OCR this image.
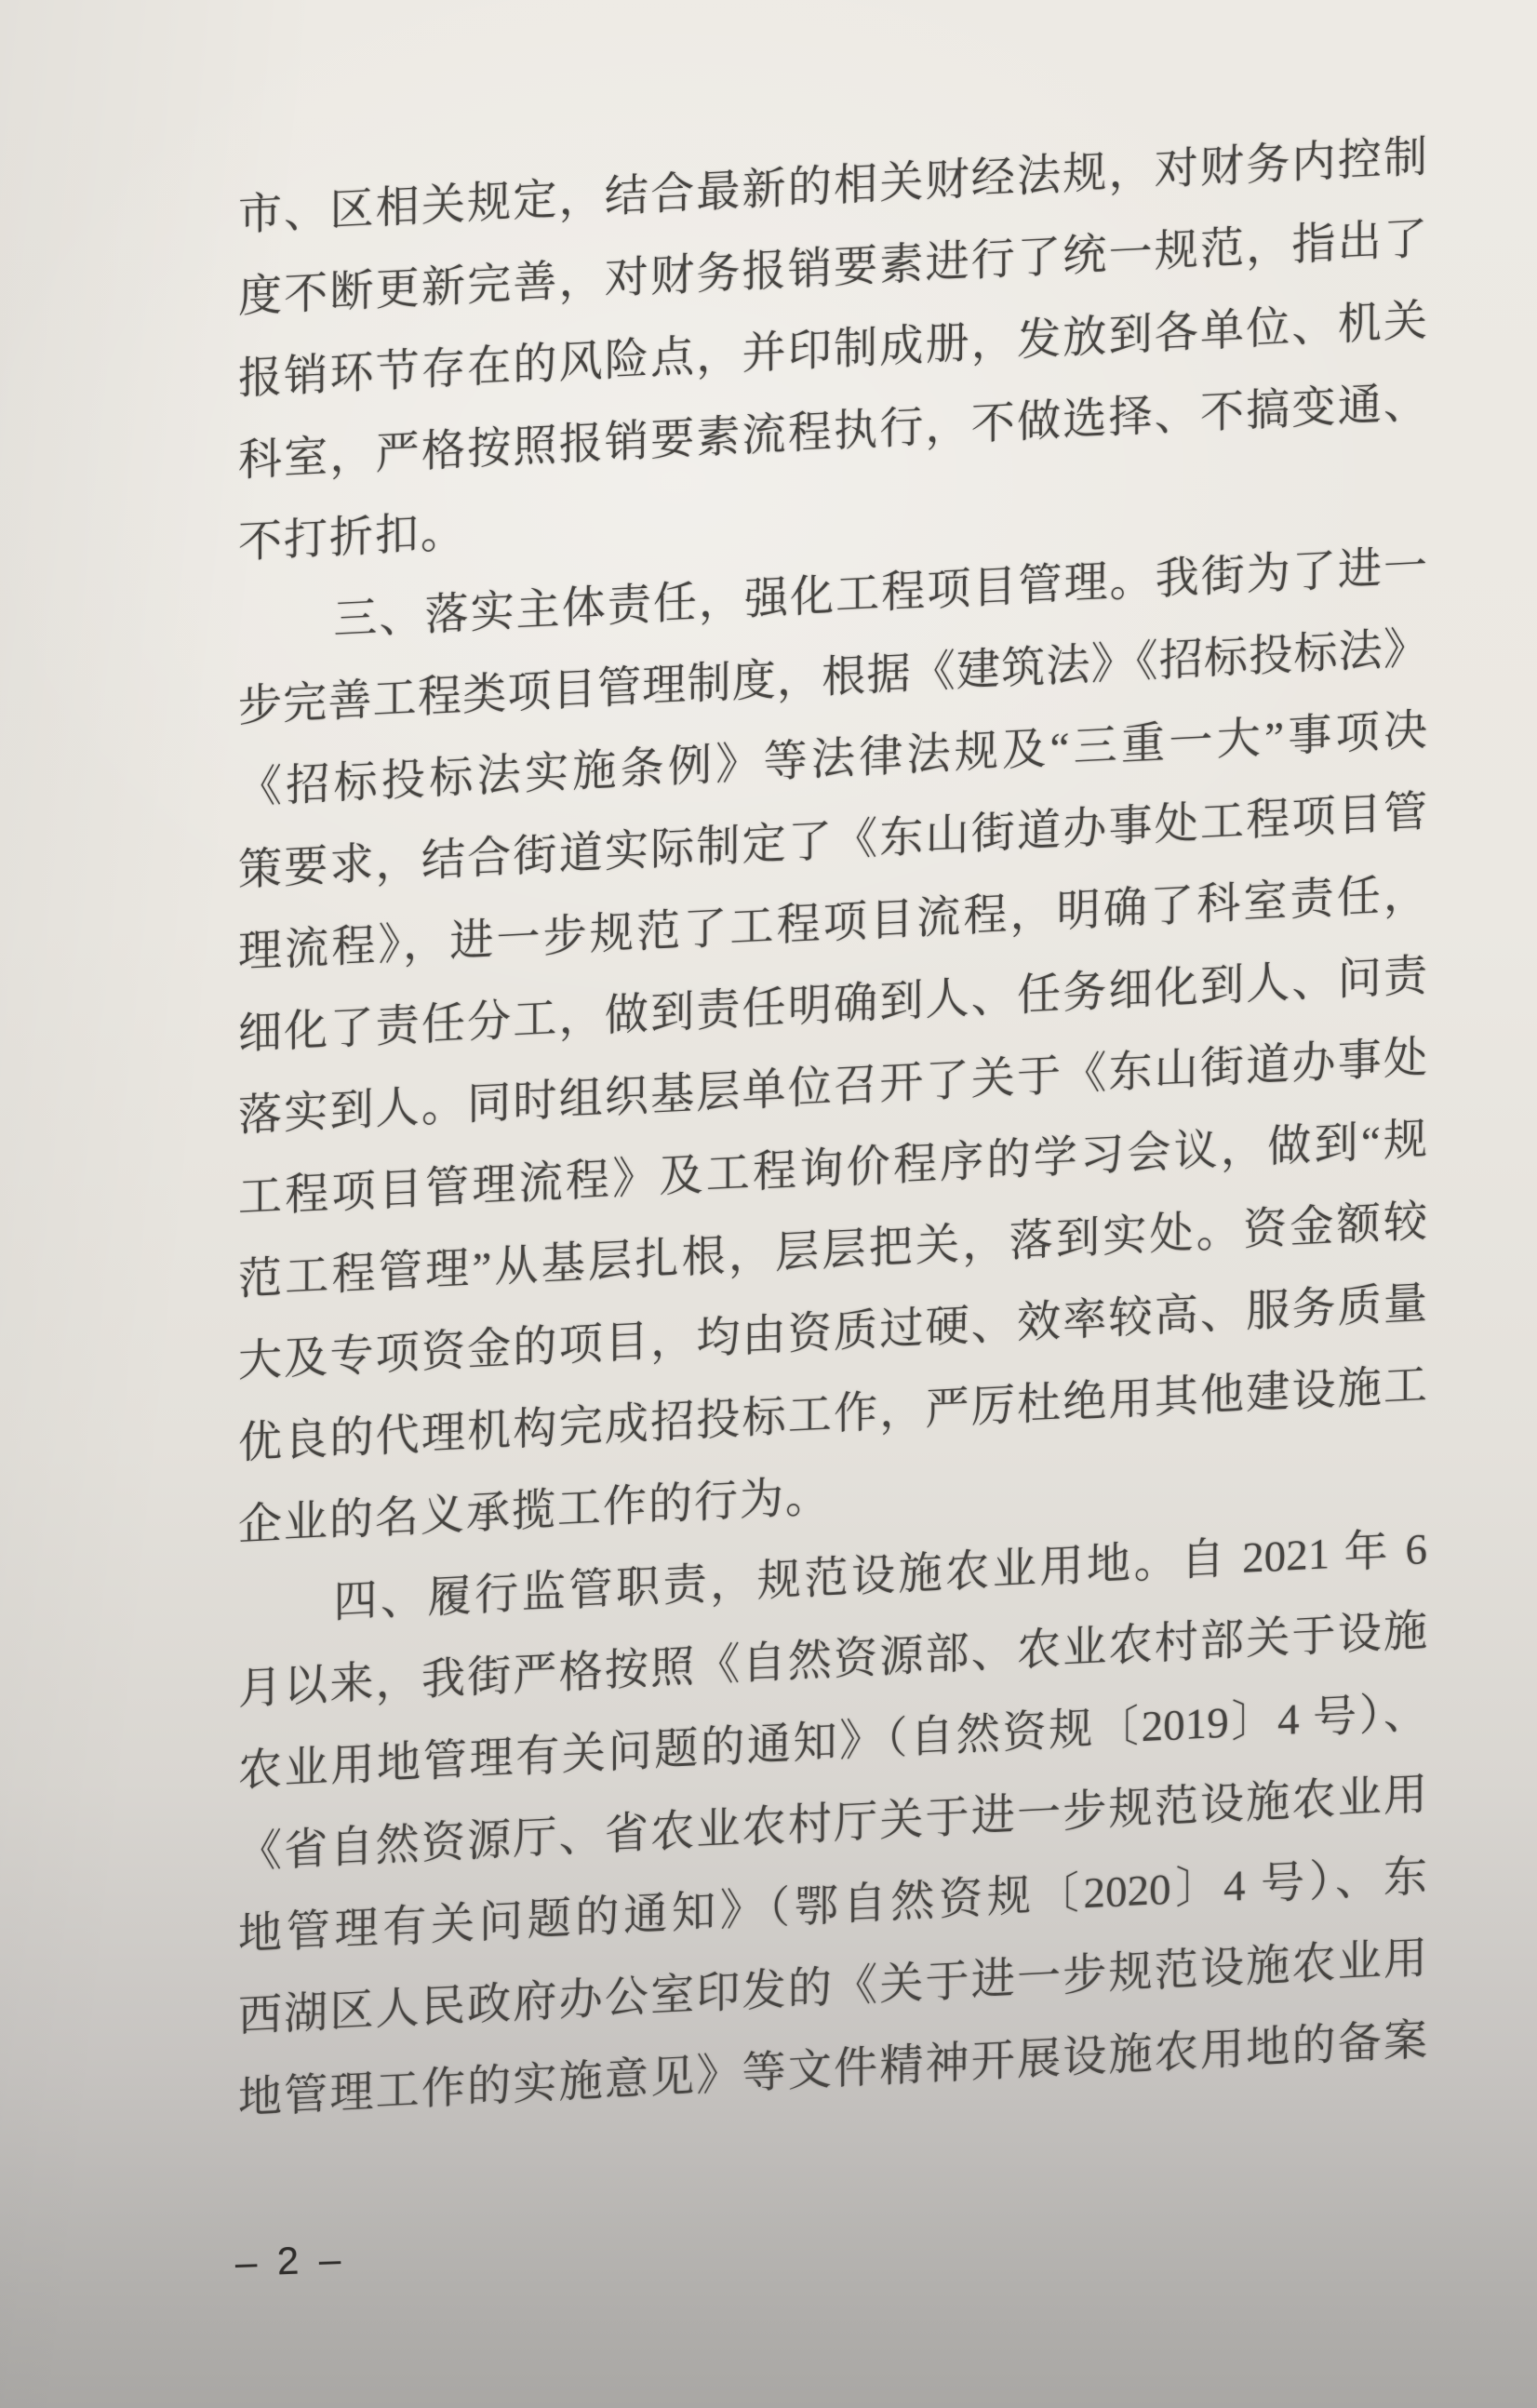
市、区相关规定，结合最新的相关财经法规，对财务内控制
度不断更新完善，对财务报销要素进行了统一规范，指出了
报销环节存在的风险点，并印制成册，发放到各单位、机关
科室，严格按照报销要素流程执行，不做选择、不搞变通、
不打折扣。
三、落实主体责任，强化工程项目管理。我街为了进一
步完善工程类项目管理制度，根据《建筑法》《招标投标法》
《招标投标法实施条例》等法律法规及“三重一大”事项决
策要求，结合街道实际制定了《东山街道办事处工程项目管
理流程》，进一步规范了工程项目流程，明确了科室责任，
细化了责任分工，做到责任明确到人、任务细化到人、问责
落实到人。同时组织基层单位召开了关于《东山街道办事处
工程项目管理流程》及工程询价程序的学习会议，做到“规
范工程管理”从基层扎根，层层把关，落到实处。资金额较
大及专项资金的项目，均由资质过硬、效率较高、服务质量
优良的代理机构完成招投标工作，严厉杜绝用其他建设施工
企业的名义承揽工作的行为。
四、履行监管职责，规范设施农业用地。自 2021 年 6
月以来，我街严格按照《自然资源部、农业农村部关于设施
农业用地管理有关问题的通知》（自然资规〔2019〕4 号）、
《省自然资源厅、省农业农村厅关于进一步规范设施农业用
地管理有关问题的通知》（鄂自然资规〔2020〕4 号）、东
西湖区人民政府办公室印发的《关于进一步规范设施农业用
地管理工作的实施意见》等文件精神开展设施农用地的备案
– 2 –
